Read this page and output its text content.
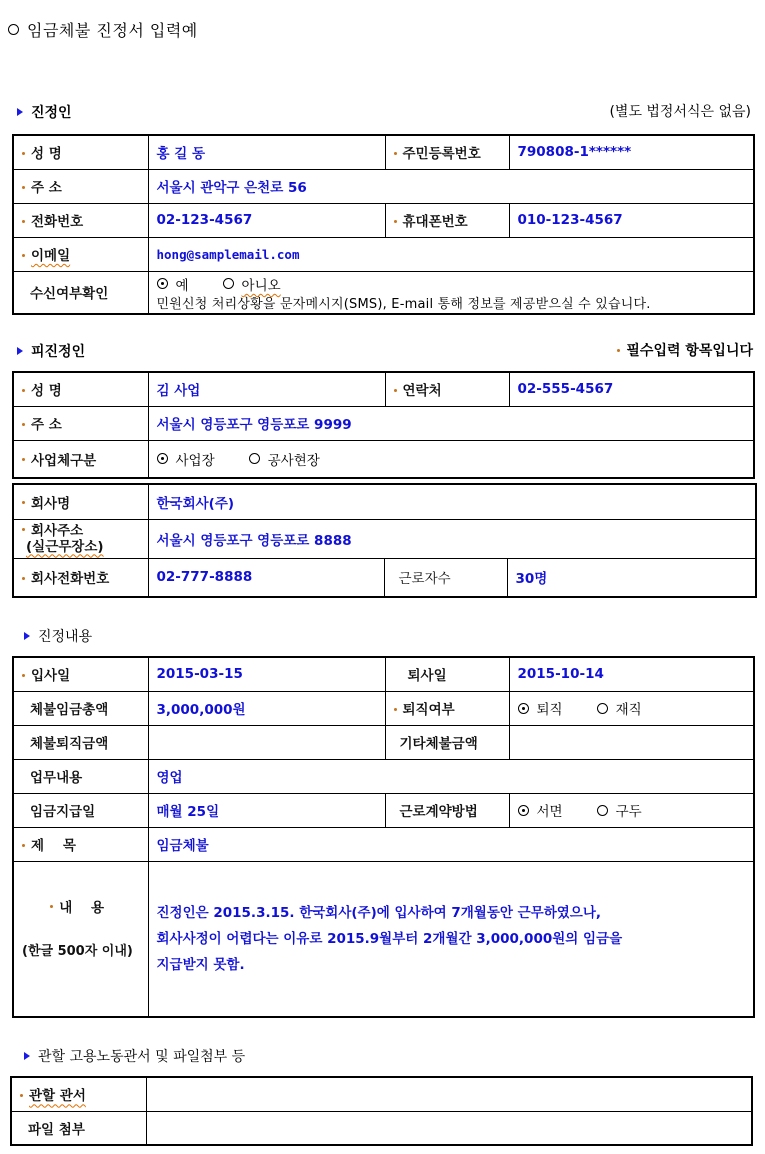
임금체불 진정서 입력예
진정인	(별도 법정서식은 없음)
성 명	홍 길 동	주민등록번호	790808-1******
주 소	서울시 관악구 은천로 56		
전화번호	02-123-4567	휴대폰번호	010-123-4567
이메일	hong@samplemail.com		
수신여부확인	예 아니오
민원신청 처리상황을 문자메시지(SMS), E-mail 통해 정보를 제공받으실 수 있습니다.		
피진정인	필수입력 항목입니다
성 명	김 사업	연락처	02-555-4567
주 소	서울시 영등포구 영등포로 9999		
사업체구분	사업장 공사현장		
회사명	한국회사(주)		
회사주소
(실근무장소)	서울시 영등포구 영등포로 8888		
회사전화번호	02-777-8888	근로자수	30명
진정내용
입사일	2015-03-15	퇴사일	2015-10-14
체불임금총액	3,000,000원	퇴직여부	퇴직 재직

체불퇴직금액		기타체불금액	
업무내용	영업		
임금지급일	매월 25일	근로계약방법	서면 구두

제    목	임금체불		

내    용

(한글 500자 이내)

진정인은 2015.3.15. 한국회사(주)에 입사하여 7개월동안 근무하였으나,
회사사정이 어렵다는 이유로 2015.9월부터 2개월간 3,000,000원의 임금을
지급받지 못함.
관할 고용노동관서 및 파일첨부 등
관할 관서	
파일 첨부	
